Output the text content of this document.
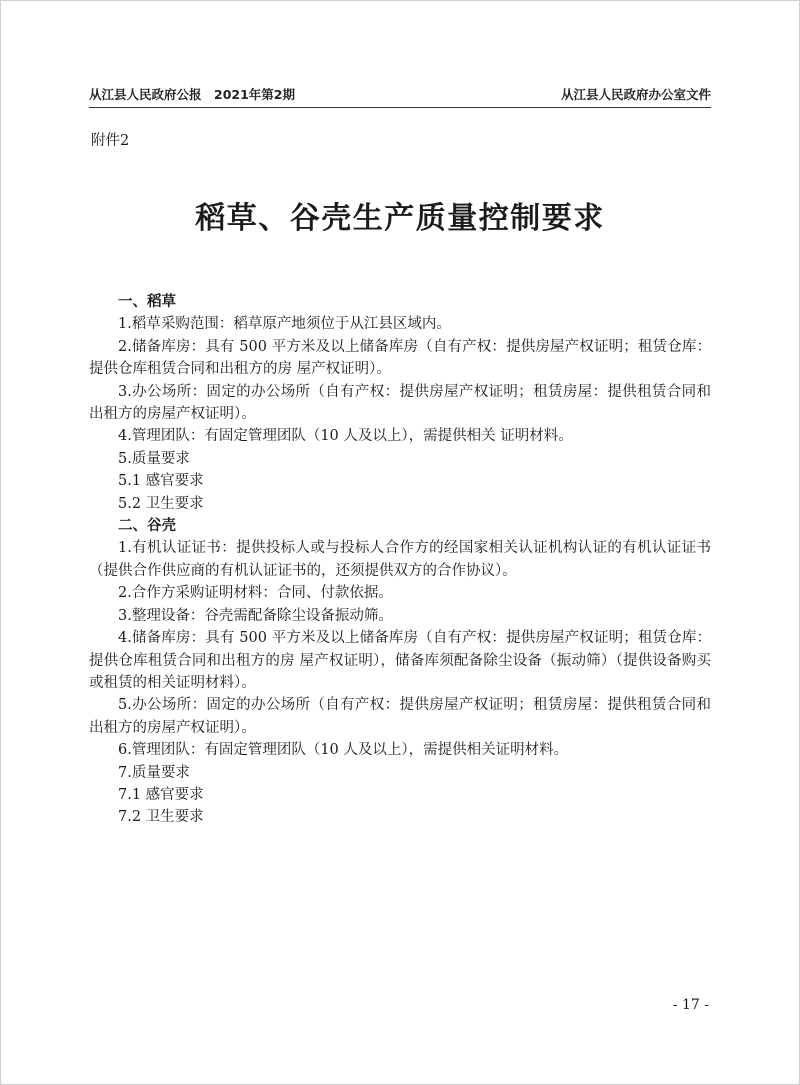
从江县人民政府公报　2021年第2期	从江县人民政府办公室文件
附件2
稻草、谷壳生产质量控制要求

一、稻草

1.稻草采购范围：稻草原产地须位于从江县区域内。

2.储备库房：具有 500 平方米及以上储备库房（自有产权：提供房屋产权证明；租赁仓库：提供仓库租赁合同和出租方的房 屋产权证明）。

3.办公场所：固定的办公场所（自有产权：提供房屋产权证明；租赁房屋：提供租赁合同和出租方的房屋产权证明）。

4.管理团队：有固定管理团队（10 人及以上），需提供相关 证明材料。

5.质量要求

5.1 感官要求

5.2 卫生要求

二、谷壳

1.有机认证证书：提供投标人或与投标人合作方的经国家相关认证机构认证的有机认证证书（提供合作供应商的有机认证证书的，还须提供双方的合作协议）。

2.合作方采购证明材料：合同、付款依据。

3.整理设备：谷壳需配备除尘设备振动筛。

4.储备库房：具有 500 平方米及以上储备库房（自有产权：提供房屋产权证明；租赁仓库：提供仓库租赁合同和出租方的房 屋产权证明），储备库须配备除尘设备（振动筛）（提供设备购买或租赁的相关证明材料）。

5.办公场所：固定的办公场所（自有产权：提供房屋产权证明；租赁房屋：提供租赁合同和出租方的房屋产权证明）。

6.管理团队：有固定管理团队（10 人及以上），需提供相关证明材料。

7.质量要求

7.1 感官要求

7.2 卫生要求

- 17 -
